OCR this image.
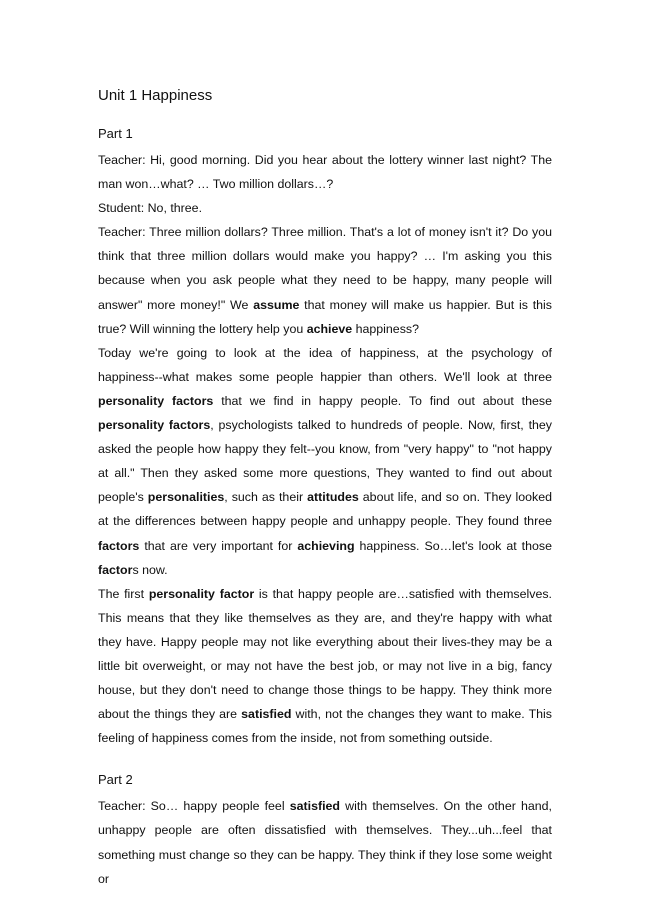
Unit 1 Happiness
Part 1

Teacher: Hi, good morning. Did you hear about the lottery winner last night? The man won…what? … Two million dollars…?

Student: No, three.

Teacher: Three million dollars? Three million. That's a lot of money isn't it? Do you think that three million dollars would make you happy? … I'm asking you this because when you ask people what they need to be happy, many people will answer" more money!" We assume that money will make us happier. But is this true? Will winning the lottery help you achieve happiness?

Today we're going to look at the idea of happiness, at the psychology of happiness--what makes some people happier than others. We'll look at three personality factors that we find in happy people. To find out about these personality factors, psychologists talked to hundreds of people. Now, first, they asked the people how happy they felt--you know, from "very happy" to "not happy at all." Then they asked some more questions, They wanted to find out about people's personalities, such as their attitudes about life, and so on. They looked at the differences between happy people and unhappy people. They found three factors that are very important for achieving happiness. So…let's look at those factors now.

The first personality factor is that happy people are…satisfied with themselves. This means that they like themselves as they are, and they're happy with what they have. Happy people may not like everything about their lives-they may be a little bit overweight, or may not have the best job, or may not live in a big, fancy house, but they don't need to change those things to be happy. They think more about the things they are satisfied with, not the changes they want to make. This feeling of happiness comes from the inside, not from something outside.

Part 2

Teacher: So… happy people feel satisfied with themselves. On the other hand, unhappy people are often dissatisfied with themselves. They...uh...feel that something must change so they can be happy. They think if they lose some weight or
